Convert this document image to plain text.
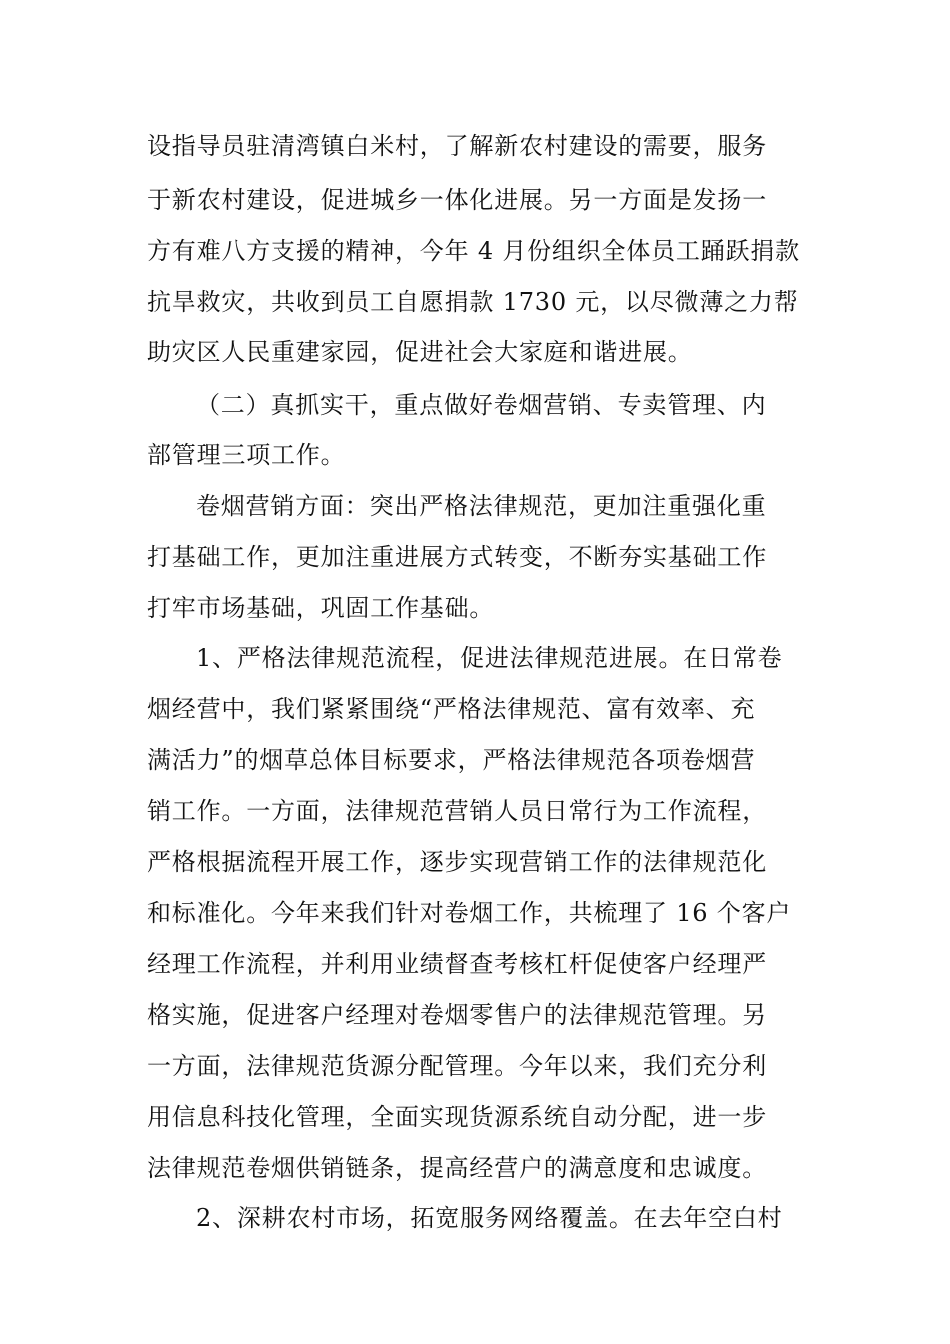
设指导员驻清湾镇白米村，了解新农村建设的需要，服务
于新农村建设，促进城乡一体化进展。另一方面是发扬一
方有难八方支援的精神，今年 4 月份组织全体员工踊跃捐款
抗旱救灾，共收到员工自愿捐款 1730 元，以尽微薄之力帮
助灾区人民重建家园，促进社会大家庭和谐进展。
（二）真抓实干，重点做好卷烟营销、专卖管理、内
部管理三项工作。
卷烟营销方面：突出严格法律规范，更加注重强化重
打基础工作，更加注重进展方式转变，不断夯实基础工作
打牢市场基础，巩固工作基础。
1、严格法律规范流程，促进法律规范进展。在日常卷
烟经营中，我们紧紧围绕“严格法律规范、富有效率、充
满活力”的烟草总体目标要求，严格法律规范各项卷烟营
销工作。一方面，法律规范营销人员日常行为工作流程，
严格根据流程开展工作，逐步实现营销工作的法律规范化
和标准化。今年来我们针对卷烟工作，共梳理了 16 个客户
经理工作流程，并利用业绩督查考核杠杆促使客户经理严
格实施，促进客户经理对卷烟零售户的法律规范管理。另
一方面，法律规范货源分配管理。今年以来，我们充分利
用信息科技化管理，全面实现货源系统自动分配，进一步
法律规范卷烟供销链条，提高经营户的满意度和忠诚度。
2、深耕农村市场，拓宽服务网络覆盖。在去年空白村
